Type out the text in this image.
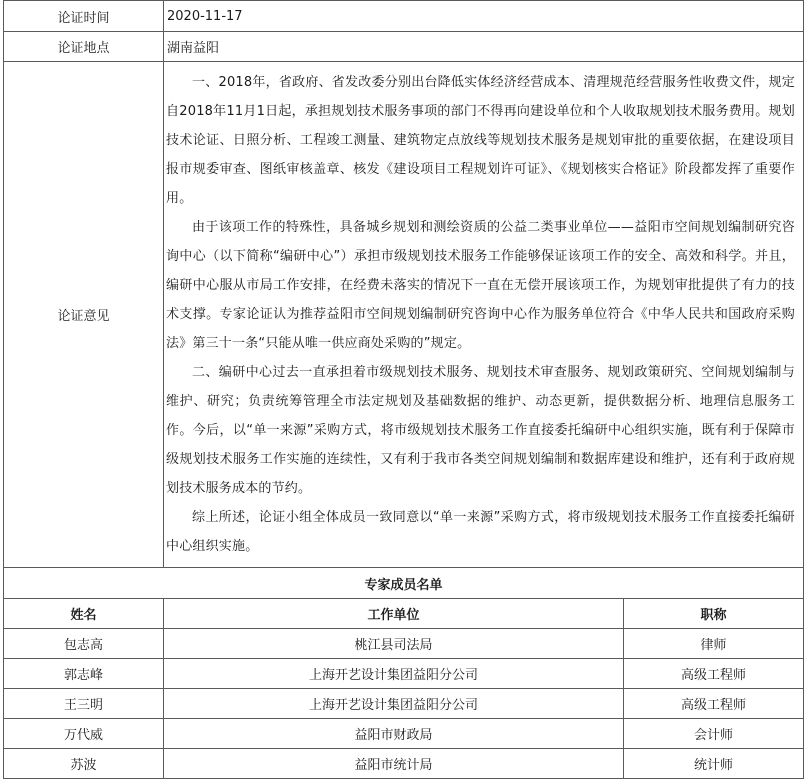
论证时间	2020-11-17	
论证地点	湖南益阳	
论证意见	一、2018年，省政府、省发改委分别出台降低实体经济经营成本、清理规范经营服务性收费文件，规定自2018年11月1日起，承担规划技术服务事项的部门不得再向建设单位和个人收取规划技术服务费用。规划技术论证、日照分析、工程竣工测量、建筑物定点放线等规划技术服务是规划审批的重要依据，在建设项目报市规委审查、图纸审核盖章、核发《建设项目工程规划许可证》、《规划核实合格证》阶段都发挥了重要作用。

由于该项工作的特殊性，具备城乡规划和测绘资质的公益二类事业单位——益阳市空间规划编制研究咨询中心（以下简称“编研中心”）承担市级规划技术服务工作能够保证该项工作的安全、高效和科学。并且，编研中心服从市局工作安排，在经费未落实的情况下一直在无偿开展该项工作，为规划审批提供了有力的技术支撑。专家论证认为推荐益阳市空间规划编制研究咨询中心作为服务单位符合《中华人民共和国政府采购法》第三十一条“只能从唯一供应商处采购的”规定。

二、编研中心过去一直承担着市级规划技术服务、规划技术审查服务、规划政策研究、空间规划编制与维护、研究；负责统筹管理全市法定规划及基础数据的维护、动态更新，提供数据分析、地理信息服务工作。今后，以“单一来源”采购方式，将市级规划技术服务工作直接委托编研中心组织实施，既有利于保障市级规划技术服务工作实施的连续性，又有利于我市各类空间规划编制和数据库建设和维护，还有利于政府规划技术服务成本的节约。

综上所述，论证小组全体成员一致同意以“单一来源”采购方式，将市级规划技术服务工作直接委托编研中心组织实施。	

专家成员名单		
姓名	工作单位	职称
包志高	桃江县司法局	律师
郭志峰	上海开艺设计集团益阳分公司	高级工程师
王三明	上海开艺设计集团益阳分公司	高级工程师
万代威	益阳市财政局	会计师
苏波	益阳市统计局	统计师
